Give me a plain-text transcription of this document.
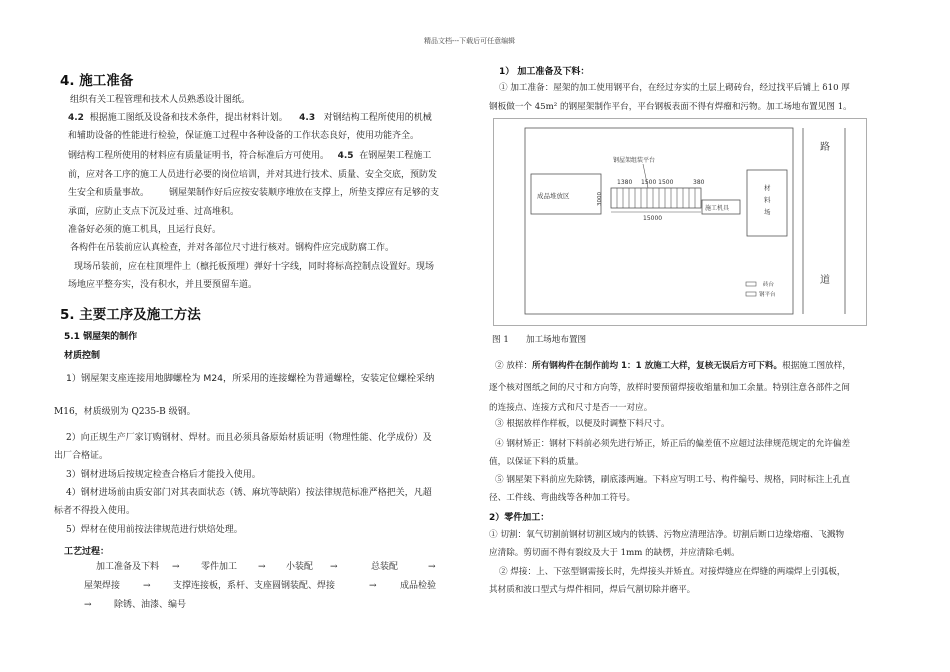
精品文档---下载后可任意编辑
4. 施工准备
组织有关工程管理和技术人员熟悉设计图纸。
4.2 根据施工图纸及设备和技术条件，提出材料计划。 4.3 对钢结构工程所使用的机械
和辅助设备的性能进行检验，保证施工过程中各种设备的工作状态良好，使用功能齐全。
钢结构工程所使用的材料应有质量证明书，符合标准后方可使用。 4.5 在钢屋架工程施工
前，应对各工序的施工人员进行必要的岗位培训，并对其进行技术、质量、安全交底，预防发
生安全和质量事故。 钢屋架制作好后应按安装顺序堆放在支撑上，所垫支撑应有足够的支
承面，应防止支点下沉及过垂、过高堆积。
准备好必须的施工机具，且运行良好。
各构件在吊装前应认真检查，并对各部位尺寸进行核对。钢构件应完成防腐工作。
现场吊装前，应在柱顶埋件上（檩托板预埋）弹好十字线，同时将标高控制点设置好。现场
场地应平整夯实，没有积水，并且要预留车道。
5. 主要工序及施工方法
5.1 钢屋架的制作
材质控制
1）钢屋架支座连接用地脚螺栓为 M24，所采用的连接螺栓为普通螺栓，安装定位螺栓采纳
M16，材质级别为 Q235-B 级钢。
2）向正规生产厂家订购钢材、焊材。而且必须具备原始材质证明（物理性能、化学成份）及
出厂合格证。
3）钢材进场后按规定检查合格后才能投入使用。
4）钢材进场前由质安部门对其表面状态（锈、麻坑等缺陷）按法律规范标准严格把关，凡超
标者不得投入使用。
5）焊材在使用前按法律规范进行烘焙处理。
工艺过程：
加工准备及下料 → 零件加工 → 小装配 →	总装配	→
屋架焊接	→ 支撑连接板，系杆、支座圆钢装配、焊接	→	成品检验
→ 除锈、油漆、编号
1） 加工准备及下料：
① 加工准备：屋架的加工使用钢平台，在经过夯实的土层上砌砖台，经过找平后铺上 δ10 厚
钢板做一个 45m² 的钢屋架制作平台，平台钢板表面不得有焊瘤和污物。加工场地布置见图 1。
路
道
成品堆放区
钢屋架组装平台
1380 1500 1500	380
15000
3000
施工机具
材
料
场
砖台
钢平台
图 1　　加工场地布置图
② 放样：所有钢构件在制作前均 1：1 放施工大样，复核无误后方可下料。根据施工图放样，
逐个核对图纸之间的尺寸和方向等，放样时要预留焊接收缩量和加工余量。特别注意各部件之间
的连接点、连接方式和尺寸是否一一对应。
③ 根据放样作样板，以便及时调整下料尺寸。
④ 钢材矫正：钢材下料前必须先进行矫正，矫正后的偏差值不应超过法律规范规定的允许偏差
值，以保证下料的质量。
⑤ 钢屋架下料前应先除锈，刷底漆两遍。下料应写明工号、构件编号、规格，同时标注上孔直
径、工件线、弯曲线等各种加工符号。
2）零件加工：
① 切割：氧气切割前钢材切割区域内的铁锈、污物应清理洁净。切割后断口边缘熔瘤、飞溅物
应清除。剪切面不得有裂纹及大于 1mm 的缺楞，并应清除毛刺。
② 焊接：上、下弦型钢需接长时，先焊接头并矫直。对接焊缝应在焊缝的两端焊上引弧板，
其材质和波口型式与焊件相同，焊后气割切除并磨平。
